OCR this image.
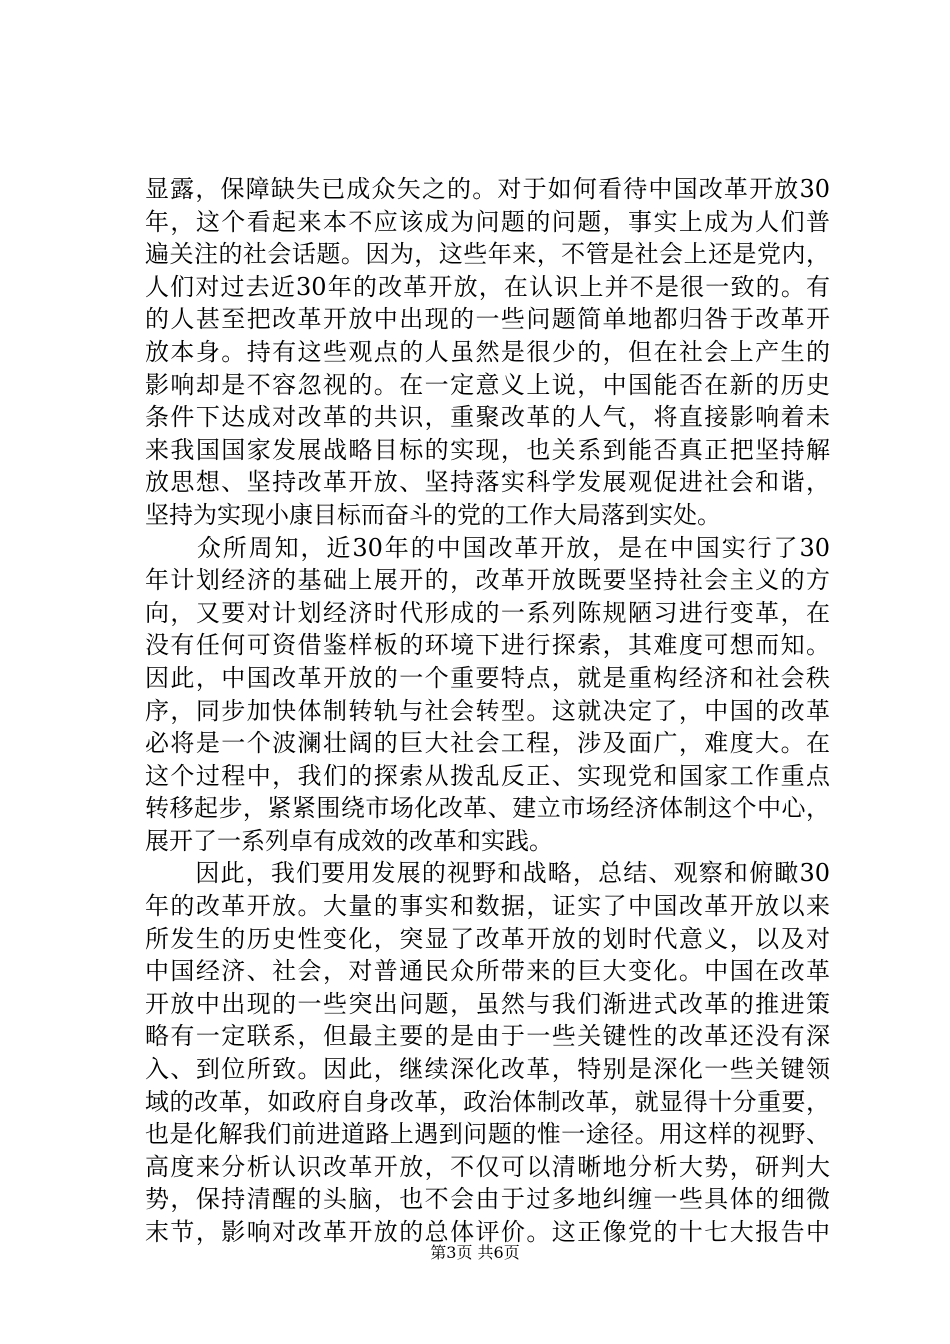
显露，保障缺失已成众矢之的。对于如何看待中国改革开放30
年，这个看起来本不应该成为问题的问题，事实上成为人们普
遍关注的社会话题。因为，这些年来，不管是社会上还是党内，
人们对过去近30年的改革开放，在认识上并不是很一致的。有
的人甚至把改革开放中出现的一些问题简单地都归咎于改革开
放本身。持有这些观点的人虽然是很少的，但在社会上产生的
影响却是不容忽视的。在一定意义上说，中国能否在新的历史
条件下达成对改革的共识，重聚改革的人气，将直接影响着未
来我国国家发展战略目标的实现，也关系到能否真正把坚持解
放思想、坚持改革开放、坚持落实科学发展观促进社会和谐，
坚持为实现小康目标而奋斗的党的工作大局落到实处。
　　众所周知，近30年的中国改革开放，是在中国实行了30
年计划经济的基础上展开的，改革开放既要坚持社会主义的方
向，又要对计划经济时代形成的一系列陈规陋习进行变革，在
没有任何可资借鉴样板的环境下进行探索，其难度可想而知。
因此，中国改革开放的一个重要特点，就是重构经济和社会秩
序，同步加快体制转轨与社会转型。这就决定了，中国的改革
必将是一个波澜壮阔的巨大社会工程，涉及面广，难度大。在
这个过程中，我们的探索从拨乱反正、实现党和国家工作重点
转移起步，紧紧围绕市场化改革、建立市场经济体制这个中心，
展开了一系列卓有成效的改革和实践。
　　因此，我们要用发展的视野和战略，总结、观察和俯瞰30
年的改革开放。大量的事实和数据，证实了中国改革开放以来
所发生的历史性变化，突显了改革开放的划时代意义，以及对
中国经济、社会，对普通民众所带来的巨大变化。中国在改革
开放中出现的一些突出问题，虽然与我们渐进式改革的推进策
略有一定联系，但最主要的是由于一些关键性的改革还没有深
入、到位所致。因此，继续深化改革，特别是深化一些关键领
域的改革，如政府自身改革，政治体制改革，就显得十分重要，
也是化解我们前进道路上遇到问题的惟一途径。用这样的视野、
高度来分析认识改革开放，不仅可以清晰地分析大势，研判大
势，保持清醒的头脑，也不会由于过多地纠缠一些具体的细微
末节，影响对改革开放的总体评价。这正像党的十七大报告中
第3页 共6页
